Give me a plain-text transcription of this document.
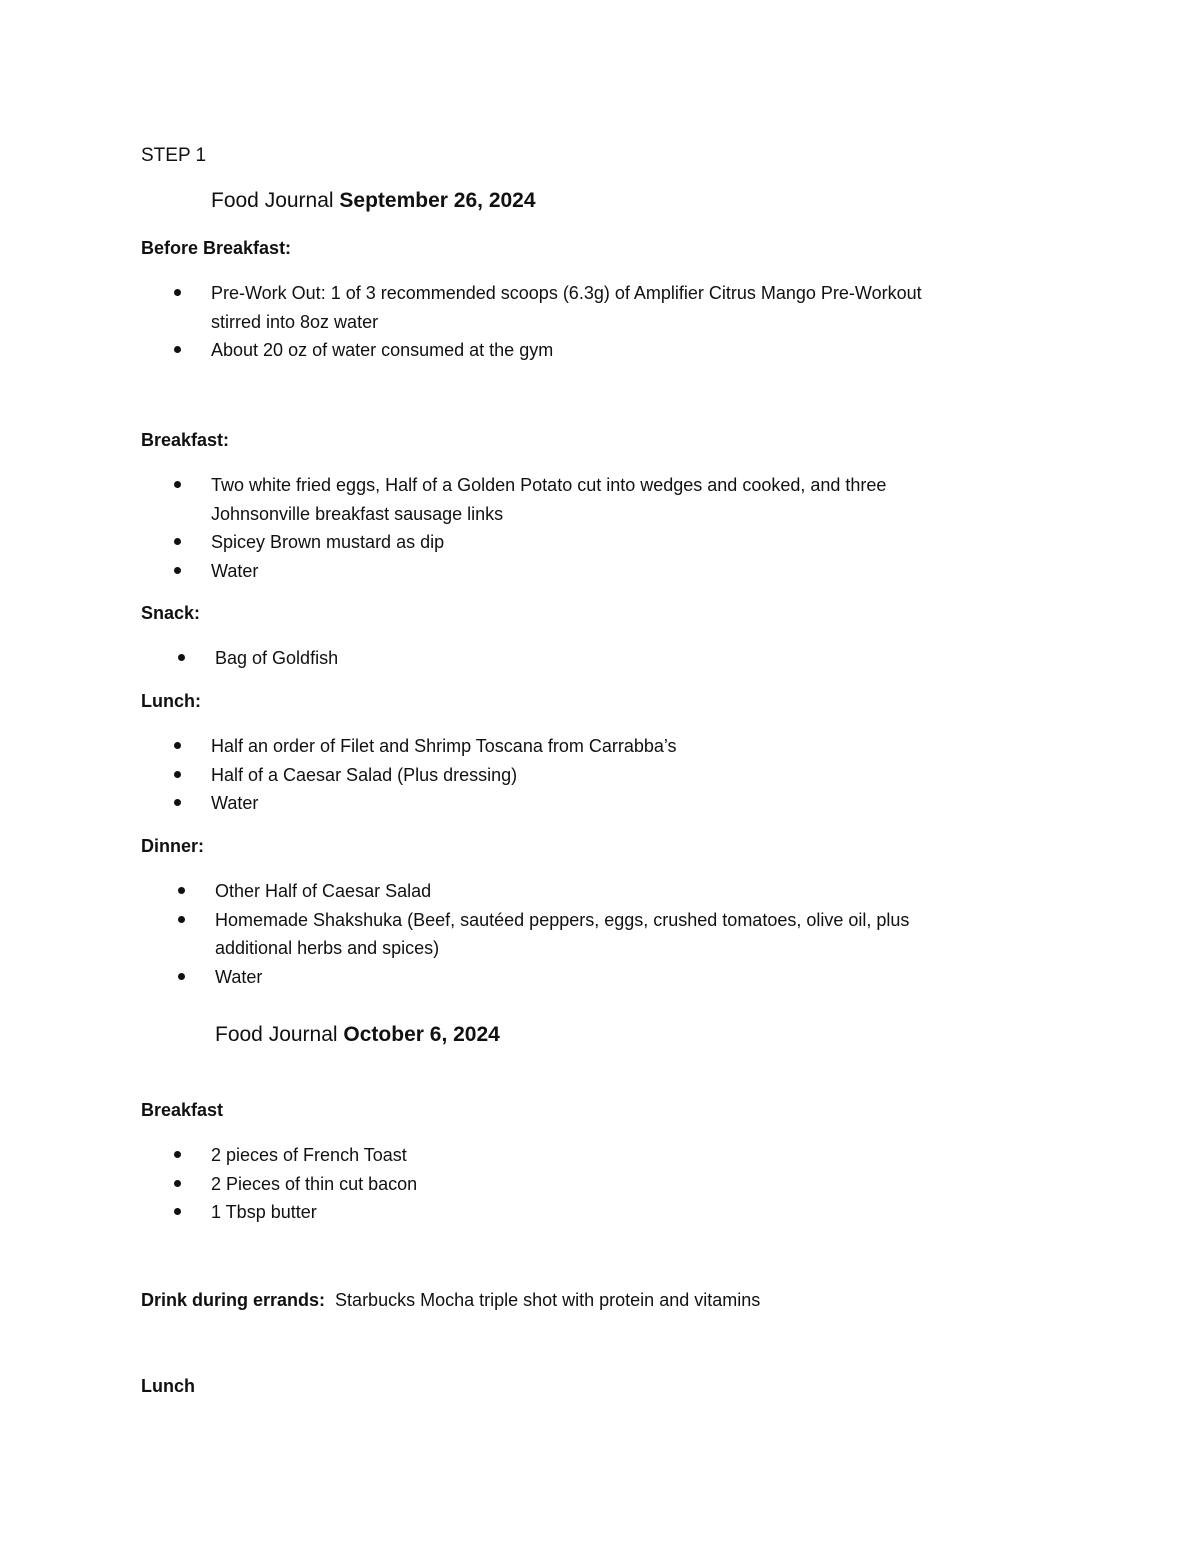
STEP 1
Food Journal September 26, 2024
Before Breakfast:
Pre-Work Out: 1 of 3 recommended scoops (6.3g) of Amplifier Citrus Mango Pre-Workout
stirred into 8oz water
About 20 oz of water consumed at the gym
Breakfast:
Two white fried eggs, Half of a Golden Potato cut into wedges and cooked, and three
Johnsonville breakfast sausage links
Spicey Brown mustard as dip
Water
Snack:
Bag of Goldfish
Lunch:
Half an order of Filet and Shrimp Toscana from Carrabba’s
Half of a Caesar Salad (Plus dressing)
Water
Dinner:
Other Half of Caesar Salad
Homemade Shakshuka (Beef, sautéed peppers, eggs, crushed tomatoes, olive oil, plus
additional herbs and spices)
Water
Food Journal October 6, 2024
Breakfast
2 pieces of French Toast
2 Pieces of thin cut bacon
1 Tbsp butter
Drink during errands: Starbucks Mocha triple shot with protein and vitamins
Lunch
